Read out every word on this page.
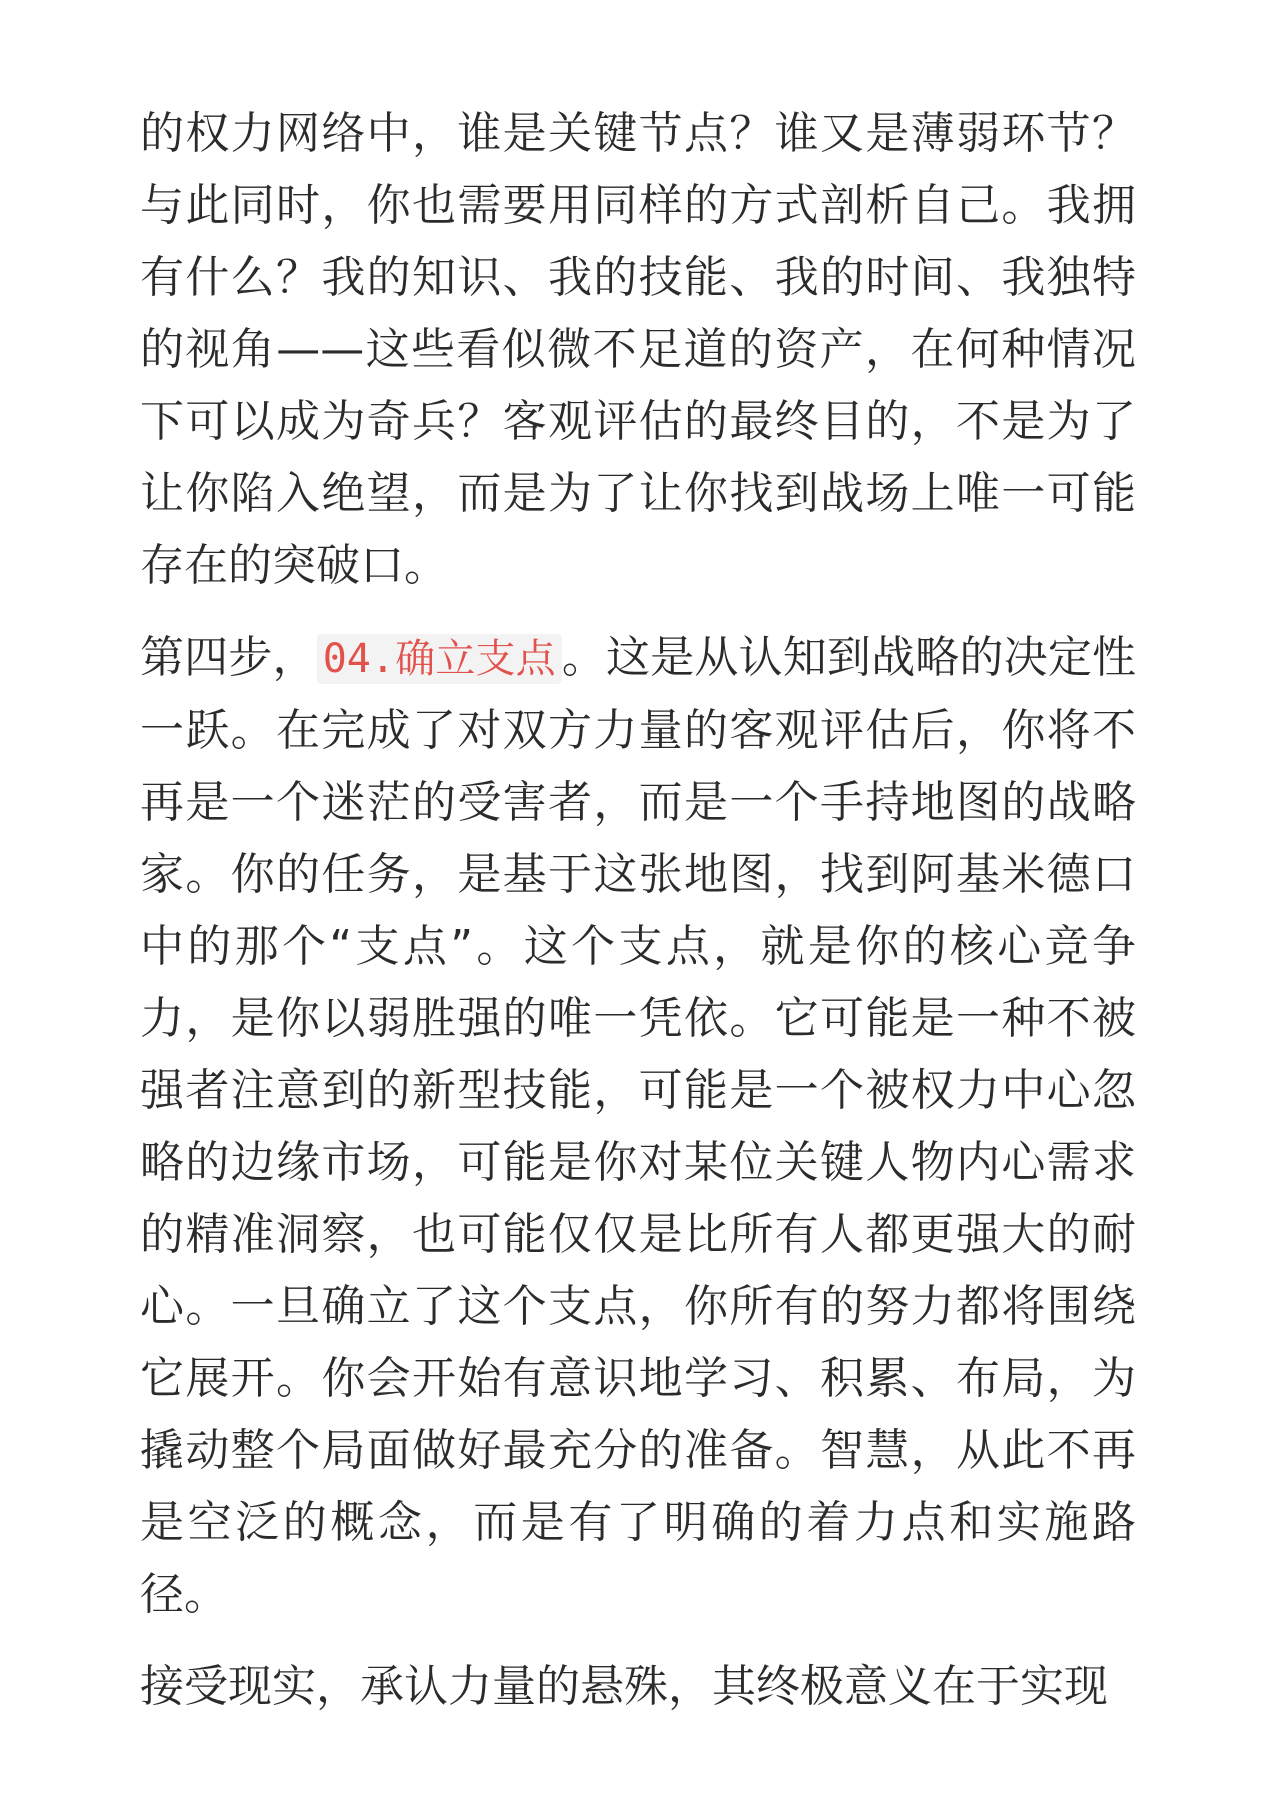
的权力网络中，谁是关键节点？谁又是薄弱环节？与此同时，你也需要用同样的方式剖析自己。我拥有什么？我的知识、我的技能、我的时间、我独特的视角——这些看似微不足道的资产，在何种情况下可以成为奇兵？客观评估的最终目的，不是为了让你陷入绝望，而是为了让你找到战场上唯一可能存在的突破口。

第四步， 04.确立支点 。这是从认知到战略的决定性一跃。在完成了对双方力量的客观评估后，你将不再是一个迷茫的受害者，而是一个手持地图的战略家。你的任务，是基于这张地图，找到阿基米德口中的那个“支点”。这个支点，就是你的核心竞争力，是你以弱胜强的唯一凭依。它可能是一种不被强者注意到的新型技能，可能是一个被权力中心忽略的边缘市场，可能是你对某位关键人物内心需求的精准洞察，也可能仅仅是比所有人都更强大的耐心。一旦确立了这个支点，你所有的努力都将围绕它展开。你会开始有意识地学习、积累、布局，为撬动整个局面做好最充分的准备。智慧，从此不再是空泛的概念，而是有了明确的着力点和实施路径。

接受现实，承认力量的悬殊，其终极意义在于实现
